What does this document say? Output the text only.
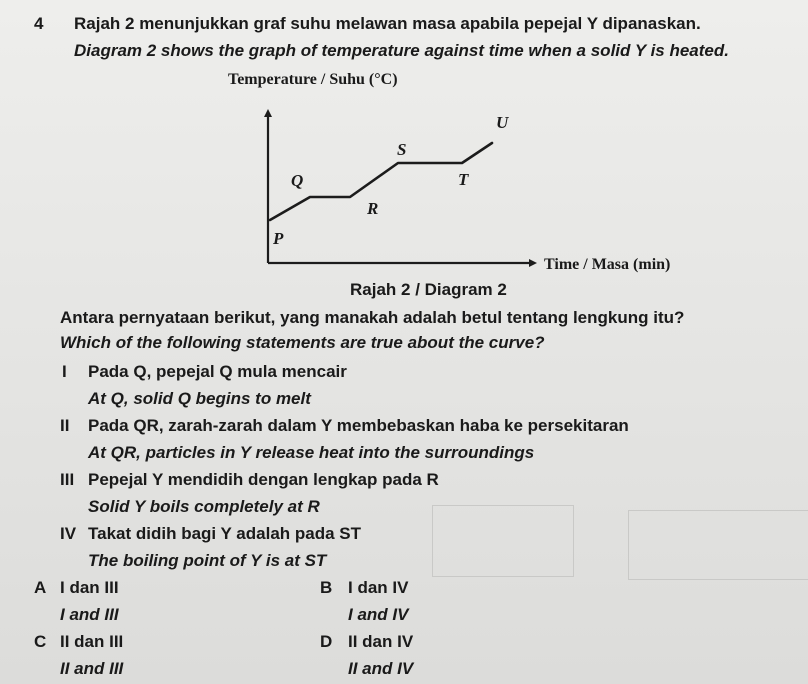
4 Rajah 2 menunjukkan graf suhu melawan masa apabila pepejal Y dipanaskan.
Diagram 2 shows the graph of temperature against time when a solid Y is heated.
Temperature / Suhu (°C)
Time / Masa (min)
P
Q
R
S
T
U
Rajah 2 / Diagram 2
Antara pernyataan berikut, yang manakah adalah betul tentang lengkung itu?
Which of the following statements are true about the curve?
I Pada Q, pepejal Q mula mencair
At Q, solid Q begins to melt
II Pada QR, zarah-zarah dalam Y membebaskan haba ke persekitaran
At QR, particles in Y release heat into the surroundings
III Pepejal Y mendidih dengan lengkap pada R
Solid Y boils completely at R
IV Takat didih bagi Y adalah pada ST
The boiling point of Y is at ST
A I dan III
I and III
B I dan IV
I and IV
C II dan III
II and III
D II dan IV
II and IV
